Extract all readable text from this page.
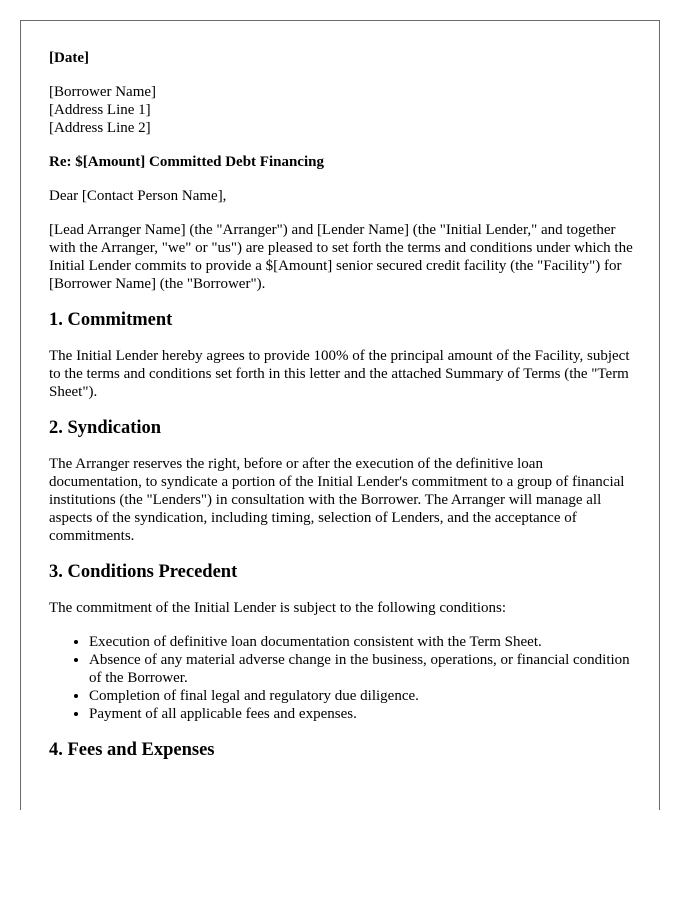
[Date]
[Borrower Name]
[Address Line 1]
[Address Line 2]
Re: $[Amount] Committed Debt Financing
Dear [Contact Person Name],
[Lead Arranger Name] (the "Arranger") and [Lender Name] (the "Initial Lender," and together with the Arranger, "we" or "us") are pleased to set forth the terms and conditions under which the Initial Lender commits to provide a $[Amount] senior secured credit facility (the "Facility") for [Borrower Name] (the "Borrower").
1. Commitment
The Initial Lender hereby agrees to provide 100% of the principal amount of the Facility, subject to the terms and conditions set forth in this letter and the attached Summary of Terms (the "Term Sheet").
2. Syndication
The Arranger reserves the right, before or after the execution of the definitive loan documentation, to syndicate a portion of the Initial Lender's commitment to a group of financial institutions (the "Lenders") in consultation with the Borrower. The Arranger will manage all aspects of the syndication, including timing, selection of Lenders, and the acceptance of commitments.
3. Conditions Precedent
The commitment of the Initial Lender is subject to the following conditions:
• Execution of definitive loan documentation consistent with the Term Sheet.
• Absence of any material adverse change in the business, operations, or financial condition of the Borrower.
• Completion of final legal and regulatory due diligence.
• Payment of all applicable fees and expenses.
4. Fees and Expenses
